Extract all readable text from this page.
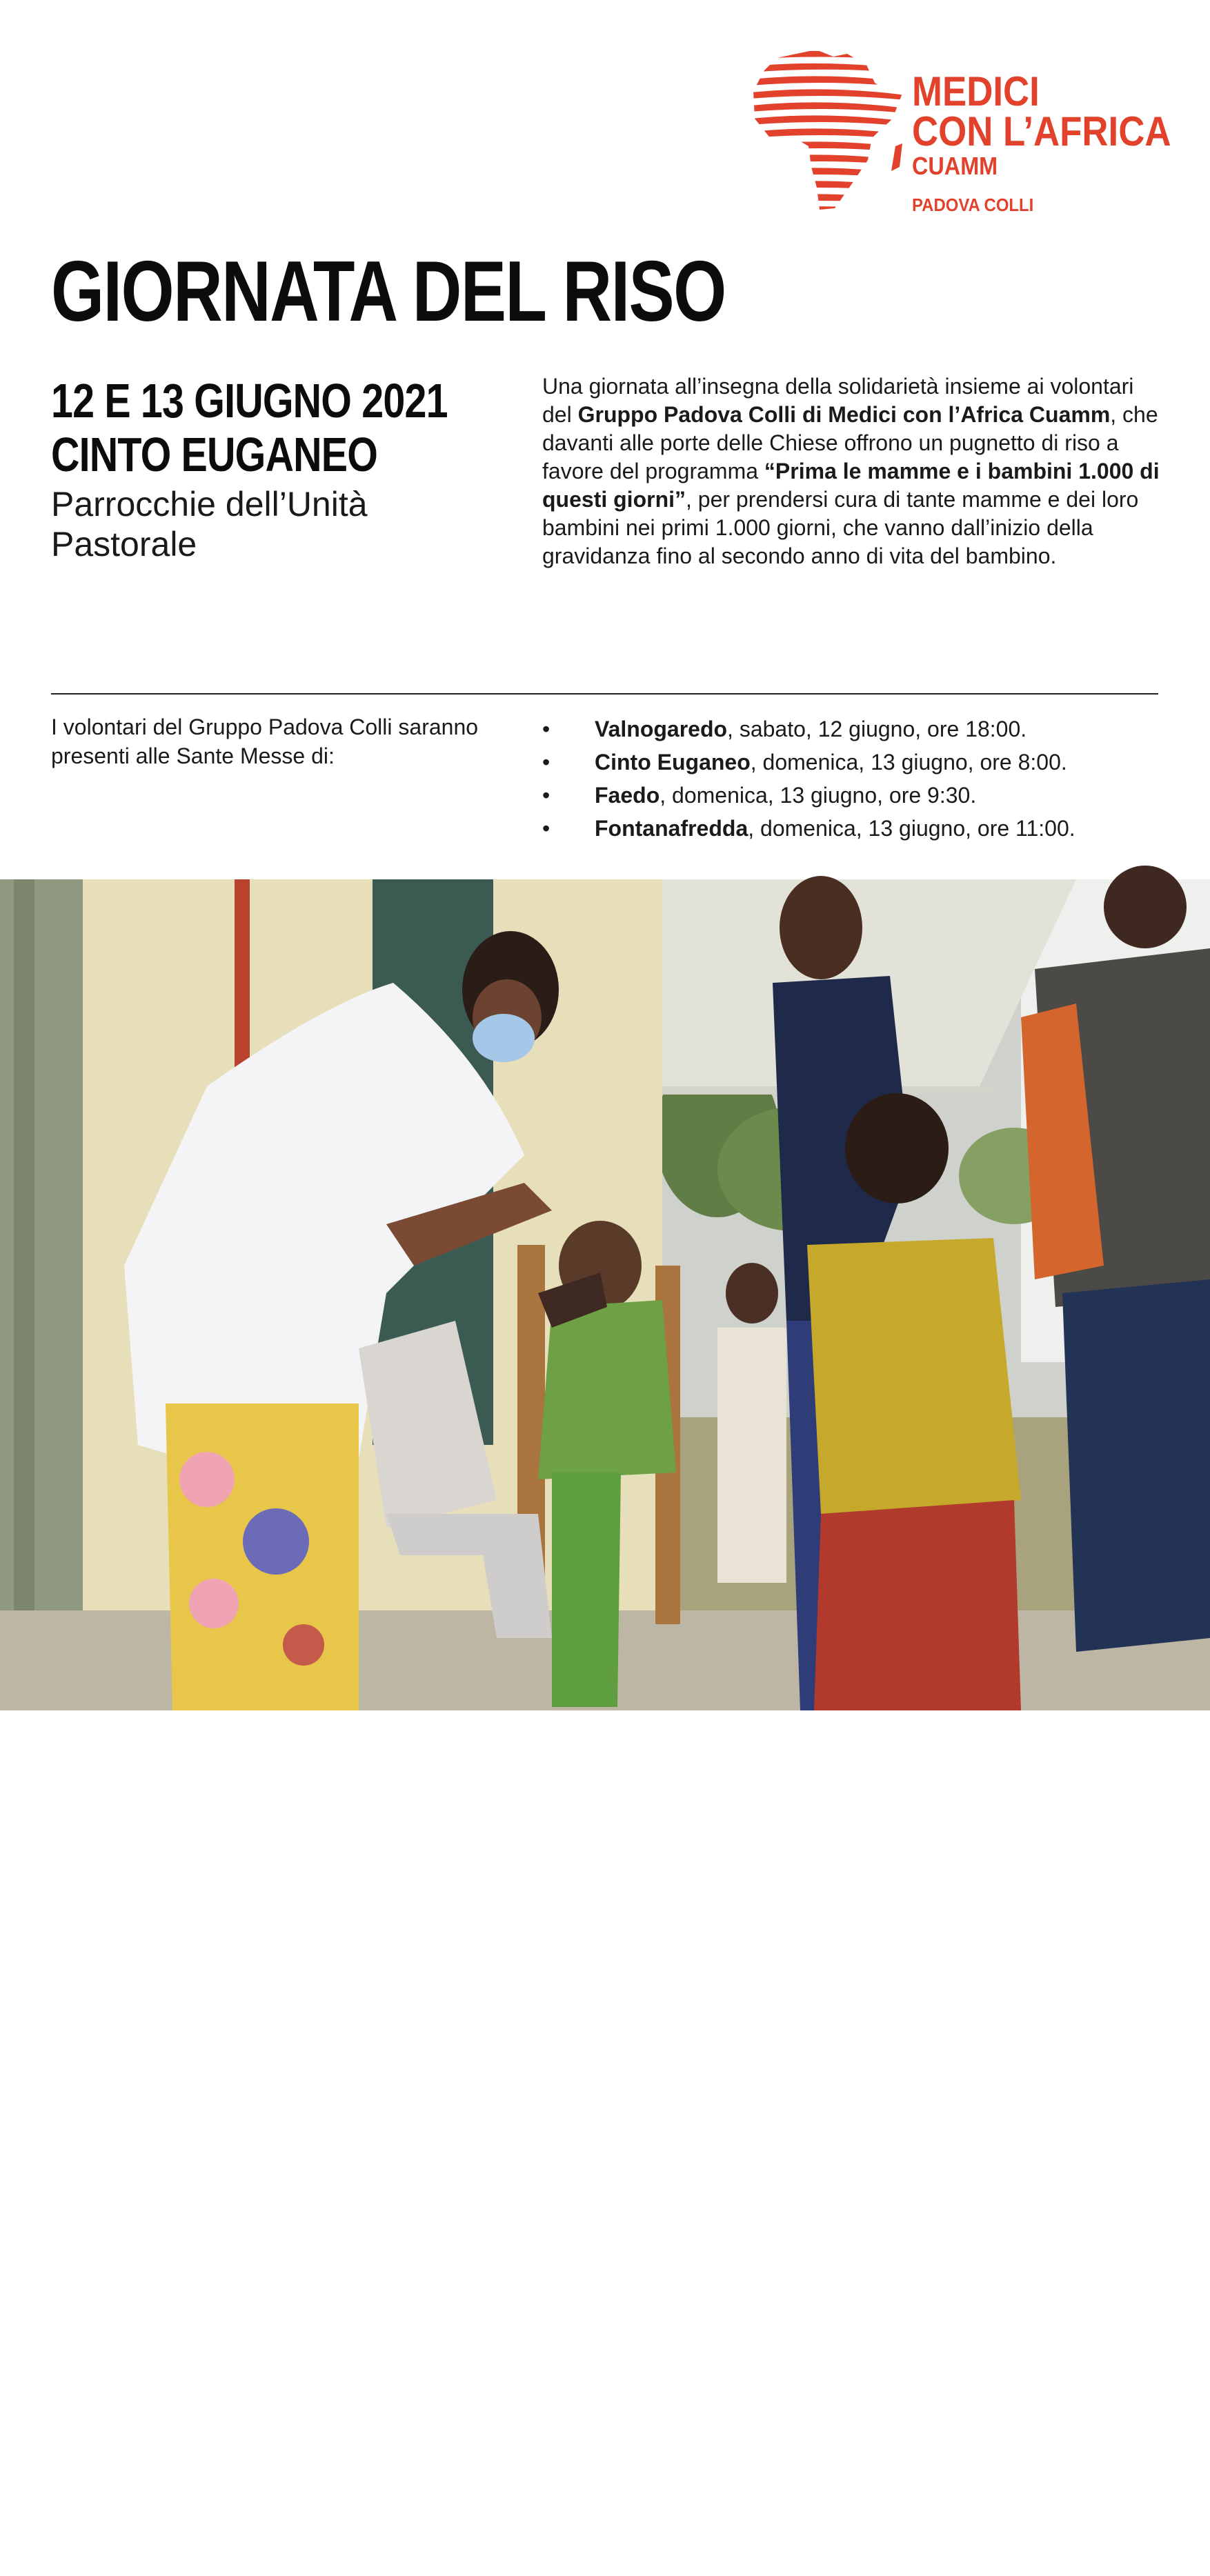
MEDICI
CON L’AFRICA
CUAMM
PADOVA COLLI
GIORNATA DEL RISO
12 E 13 GIUGNO 2021
CINTO EUGANEO
Parrocchie dell’Unità Pastorale
Una giornata all’insegna della solidarietà insieme ai volontari del Gruppo Padova Colli di Medici con l’Africa Cuamm, che davanti alle porte delle Chiese offrono un pugnetto di riso a favore del programma “Prima le mamme e i bambini 1.000 di questi giorni”, per prendersi cura di tante mamme e dei loro bambini nei primi 1.000 giorni, che vanno dall’inizio della gravidanza fino al secondo anno di vita del bambino.
I volontari del Gruppo Padova Colli saranno presenti alle Sante Messe di:
• Valnogaredo, sabato, 12 giugno, ore 18:00.
• Cinto Euganeo, domenica, 13 giugno, ore 8:00.
• Faedo, domenica, 13 giugno, ore 9:30.
• Fontanafredda, domenica, 13 giugno, ore 11:00.
Foto di Nicola Berti
